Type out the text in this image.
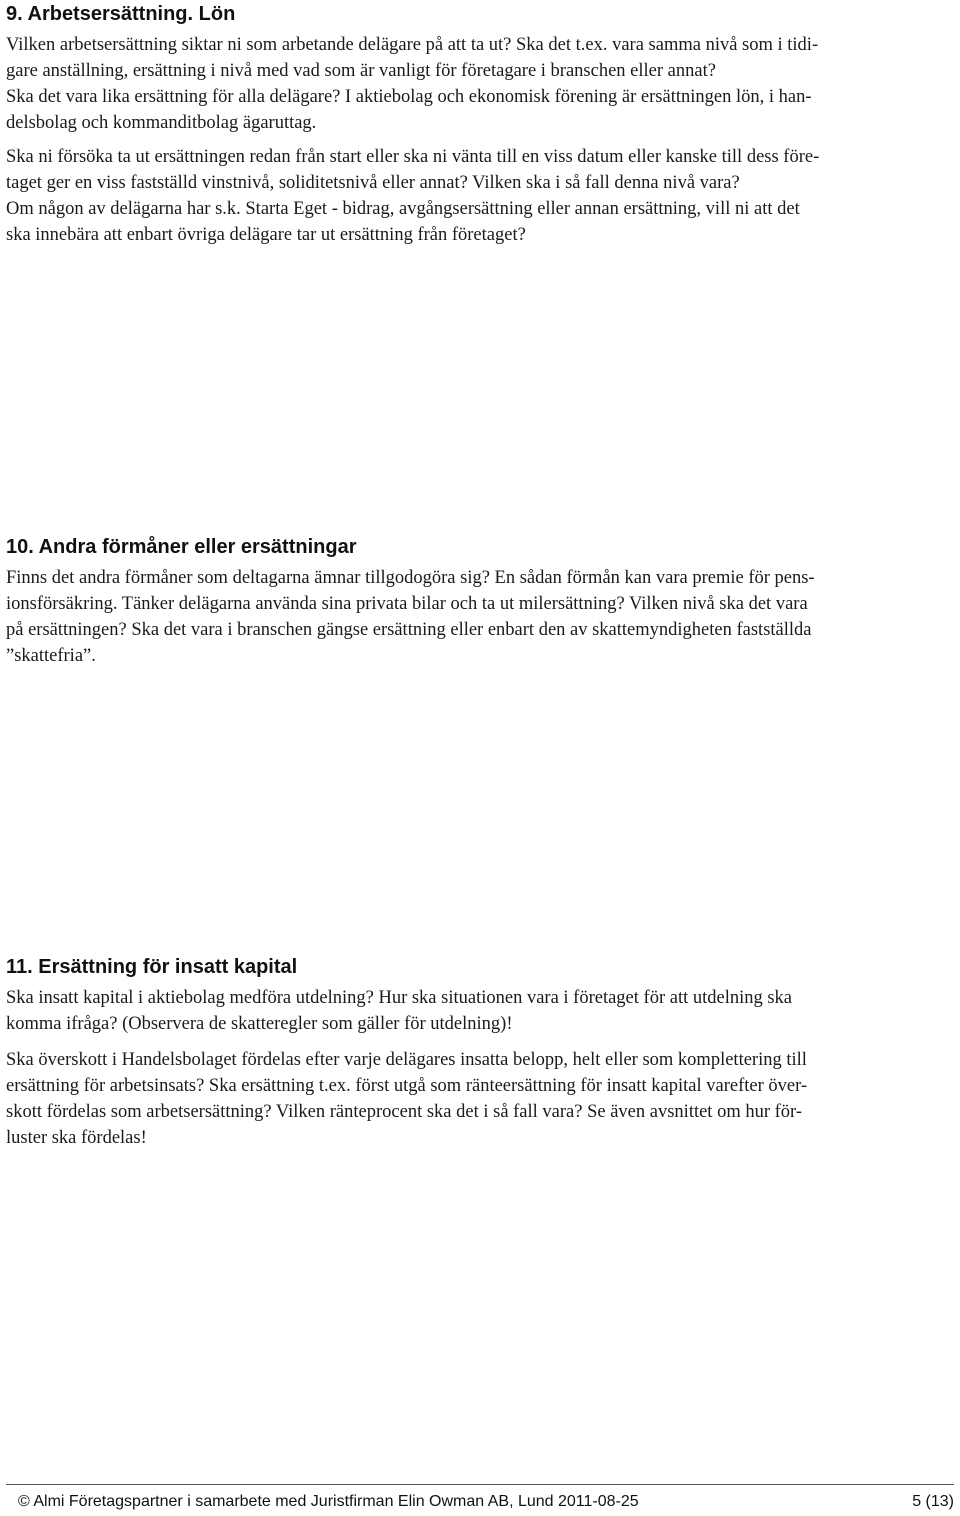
9. Arbetsersättning. Lön

Vilken arbetsersättning siktar ni som arbetande delägare på att ta ut? Ska det t.ex. vara samma nivå som i tidi-
gare anställning, ersättning i nivå med vad som är vanligt för företagare i branschen eller annat?
Ska det vara lika ersättning för alla delägare? I aktiebolag och ekonomisk förening är ersättningen lön, i han-
delsbolag och kommanditbolag ägaruttag.

Ska ni försöka ta ut ersättningen redan från start eller ska ni vänta till en viss datum eller kanske till dess före-
taget ger en viss fastställd vinstnivå, soliditetsnivå eller annat? Vilken ska i så fall denna nivå vara?
Om någon av delägarna har s.k. Starta Eget - bidrag, avgångsersättning eller annan ersättning, vill ni att det
ska innebära att enbart övriga delägare tar ut ersättning från företaget?

10. Andra förmåner eller ersättningar

Finns det andra förmåner som deltagarna ämnar tillgodogöra sig? En sådan förmån kan vara premie för pens-
ionsförsäkring. Tänker delägarna använda sina privata bilar och ta ut milersättning? Vilken nivå ska det vara
på ersättningen? Ska det vara i branschen gängse ersättning eller enbart den av skattemyndigheten fastställda
”skattefria”.

11. Ersättning för insatt kapital

Ska insatt kapital i aktiebolag medföra utdelning? Hur ska situationen vara i företaget för att utdelning ska
komma ifråga? (Observera de skatteregler som gäller för utdelning)!

Ska överskott i Handelsbolaget fördelas efter varje delägares insatta belopp, helt eller som komplettering till
ersättning för arbetsinsats? Ska ersättning t.ex. först utgå som ränteersättning för insatt kapital varefter över-
skott fördelas som arbetsersättning? Vilken ränteprocent ska det i så fall vara? Se även avsnittet om hur för-
luster ska fördelas!

© Almi Företagspartner i samarbete med Juristfirman Elin Owman AB, Lund 2011-08-25	5 (13)
